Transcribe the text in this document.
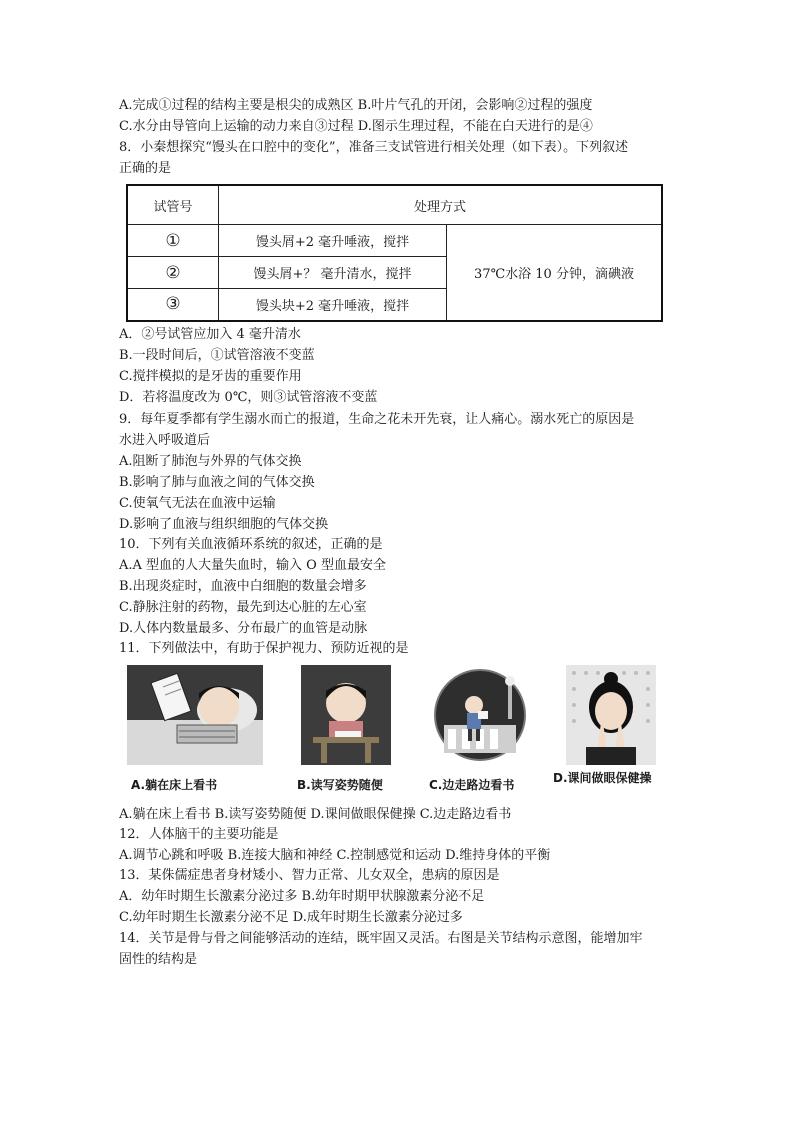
A.完成①过程的结构主要是根尖的成熟区 B.叶片气孔的开闭，会影响②过程的强度
C.水分由导管向上运输的动力来自③过程 D.图示生理过程，不能在白天进行的是④
8．小秦想探究“馒头在口腔中的变化”，准备三支试管进行相关处理（如下表）。下列叙述
正确的是
试管号	处理方式	
①	馒头屑+2 毫升唾液，搅拌	37℃水浴 10 分钟，滴碘液
②	馒头屑+？ 毫升清水，搅拌	
③	馒头块+2 毫升唾液，搅拌	
A．②号试管应加入 4 毫升清水
B.一段时间后，①试管溶液不变蓝
C.搅拌模拟的是牙齿的重要作用
D．若将温度改为 0℃，则③试管溶液不变蓝
9．每年夏季都有学生溺水而亡的报道，生命之花未开先衰，让人痛心。溺水死亡的原因是
水进入呼吸道后
A.阻断了肺泡与外界的气体交换
B.影响了肺与血液之间的气体交换
C.使氧气无法在血液中运输
D.影响了血液与组织细胞的气体交换
10．下列有关血液循环系统的叙述，正确的是
A.A 型血的人大量失血时，输入 O 型血最安全
B.出现炎症时，血液中白细胞的数量会增多
C.静脉注射的药物，最先到达心脏的左心室
D.人体内数量最多、分布最广的血管是动脉
11．下列做法中，有助于保护视力、预防近视的是
A.躺在床上看书	B.读写姿势随便	C.边走路边看书	D.课间做眼保健操
A.躺在床上看书 B.读写姿势随便 D.课间做眼保健操 C.边走路边看书
12．人体脑干的主要功能是
A.调节心跳和呼吸 B.连接大脑和神经 C.控制感觉和运动 D.维持身体的平衡
13．某侏儒症患者身材矮小、智力正常、儿女双全，患病的原因是
A．幼年时期生长激素分泌过多 B.幼年时期甲状腺激素分泌不足
C.幼年时期生长激素分泌不足 D.成年时期生长激素分泌过多
14．关节是骨与骨之间能够活动的连结，既牢固又灵活。右图是关节结构示意图，能增加牢
固性的结构是
